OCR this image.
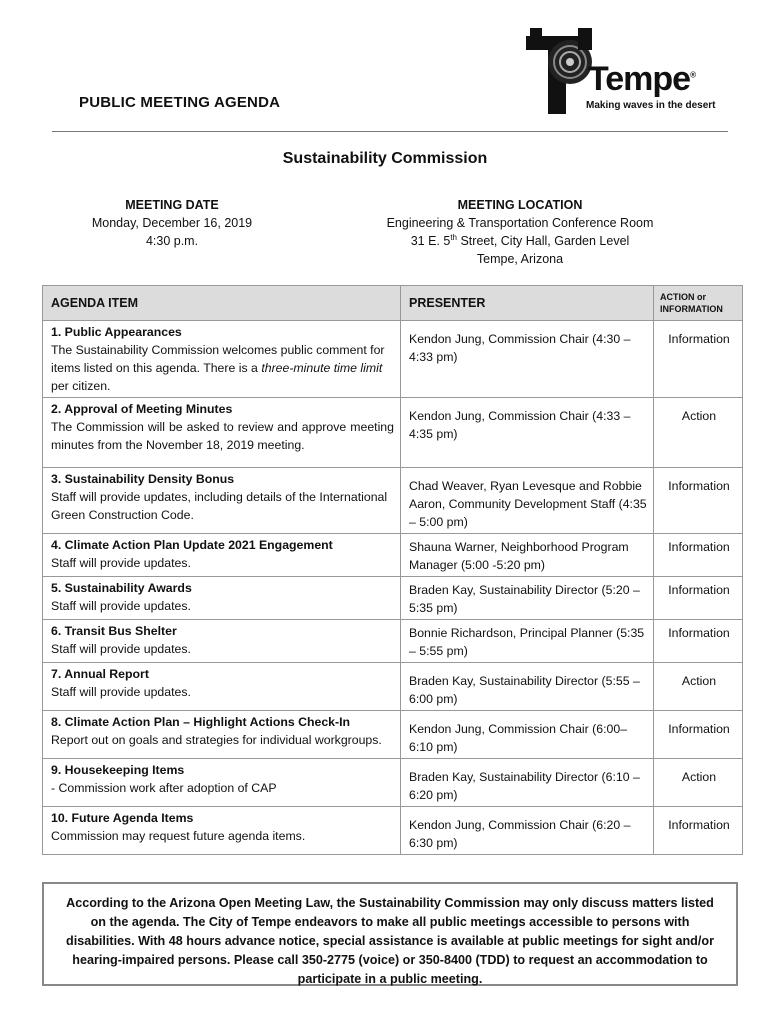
Tempe®
Making waves in the desert
PUBLIC MEETING AGENDA
Sustainability Commission
MEETING DATE
Monday, December 16, 2019
4:30 p.m.
MEETING LOCATION
Engineering & Transportation Conference Room
31 E. 5th Street, City Hall, Garden Level
Tempe, Arizona
AGENDA ITEM	PRESENTER	ACTION or INFORMATION

1. Public Appearances
The Sustainability Commission welcomes public comment for items listed on this agenda. There is a three-minute time limit per citizen.	Kendon Jung, Commission Chair (4:30 – 4:33 pm)	Information

2. Approval of Meeting Minutes
The Commission will be asked to review and approve meeting minutes from the November 18, 2019 meeting.	Kendon Jung, Commission Chair (4:33 – 4:35 pm)	Action

3. Sustainability Density Bonus
Staff will provide updates, including details of the International Green Construction Code.	Chad Weaver, Ryan Levesque and Robbie Aaron, Community Development Staff (4:35 – 5:00 pm)	Information

4. Climate Action Plan Update 2021 Engagement
Staff will provide updates.	Shauna Warner, Neighborhood Program Manager (5:00 -5:20 pm)	Information

5. Sustainability Awards
Staff will provide updates.	Braden Kay, Sustainability Director (5:20 – 5:35 pm)	Information

6. Transit Bus Shelter
Staff will provide updates.	Bonnie Richardson, Principal Planner (5:35 – 5:55 pm)	Information

7. Annual Report
Staff will provide updates.	Braden Kay, Sustainability Director (5:55 – 6:00 pm)	Action

8. Climate Action Plan – Highlight Actions Check-In
Report out on goals and strategies for individual workgroups.	Kendon Jung, Commission Chair (6:00– 6:10 pm)	Information

9. Housekeeping Items
- Commission work after adoption of CAP	Braden Kay, Sustainability Director (6:10 – 6:20 pm)	Action

10. Future Agenda Items
Commission may request future agenda items.	Kendon Jung, Commission Chair (6:20 – 6:30 pm)	Information
According to the Arizona Open Meeting Law, the Sustainability Commission may only discuss matters listed on the agenda. The City of Tempe endeavors to make all public meetings accessible to persons with disabilities. With 48 hours advance notice, special assistance is available at public meetings for sight and/or hearing-impaired persons. Please call 350-2775 (voice) or 350-8400 (TDD) to request an accommodation to participate in a public meeting.
